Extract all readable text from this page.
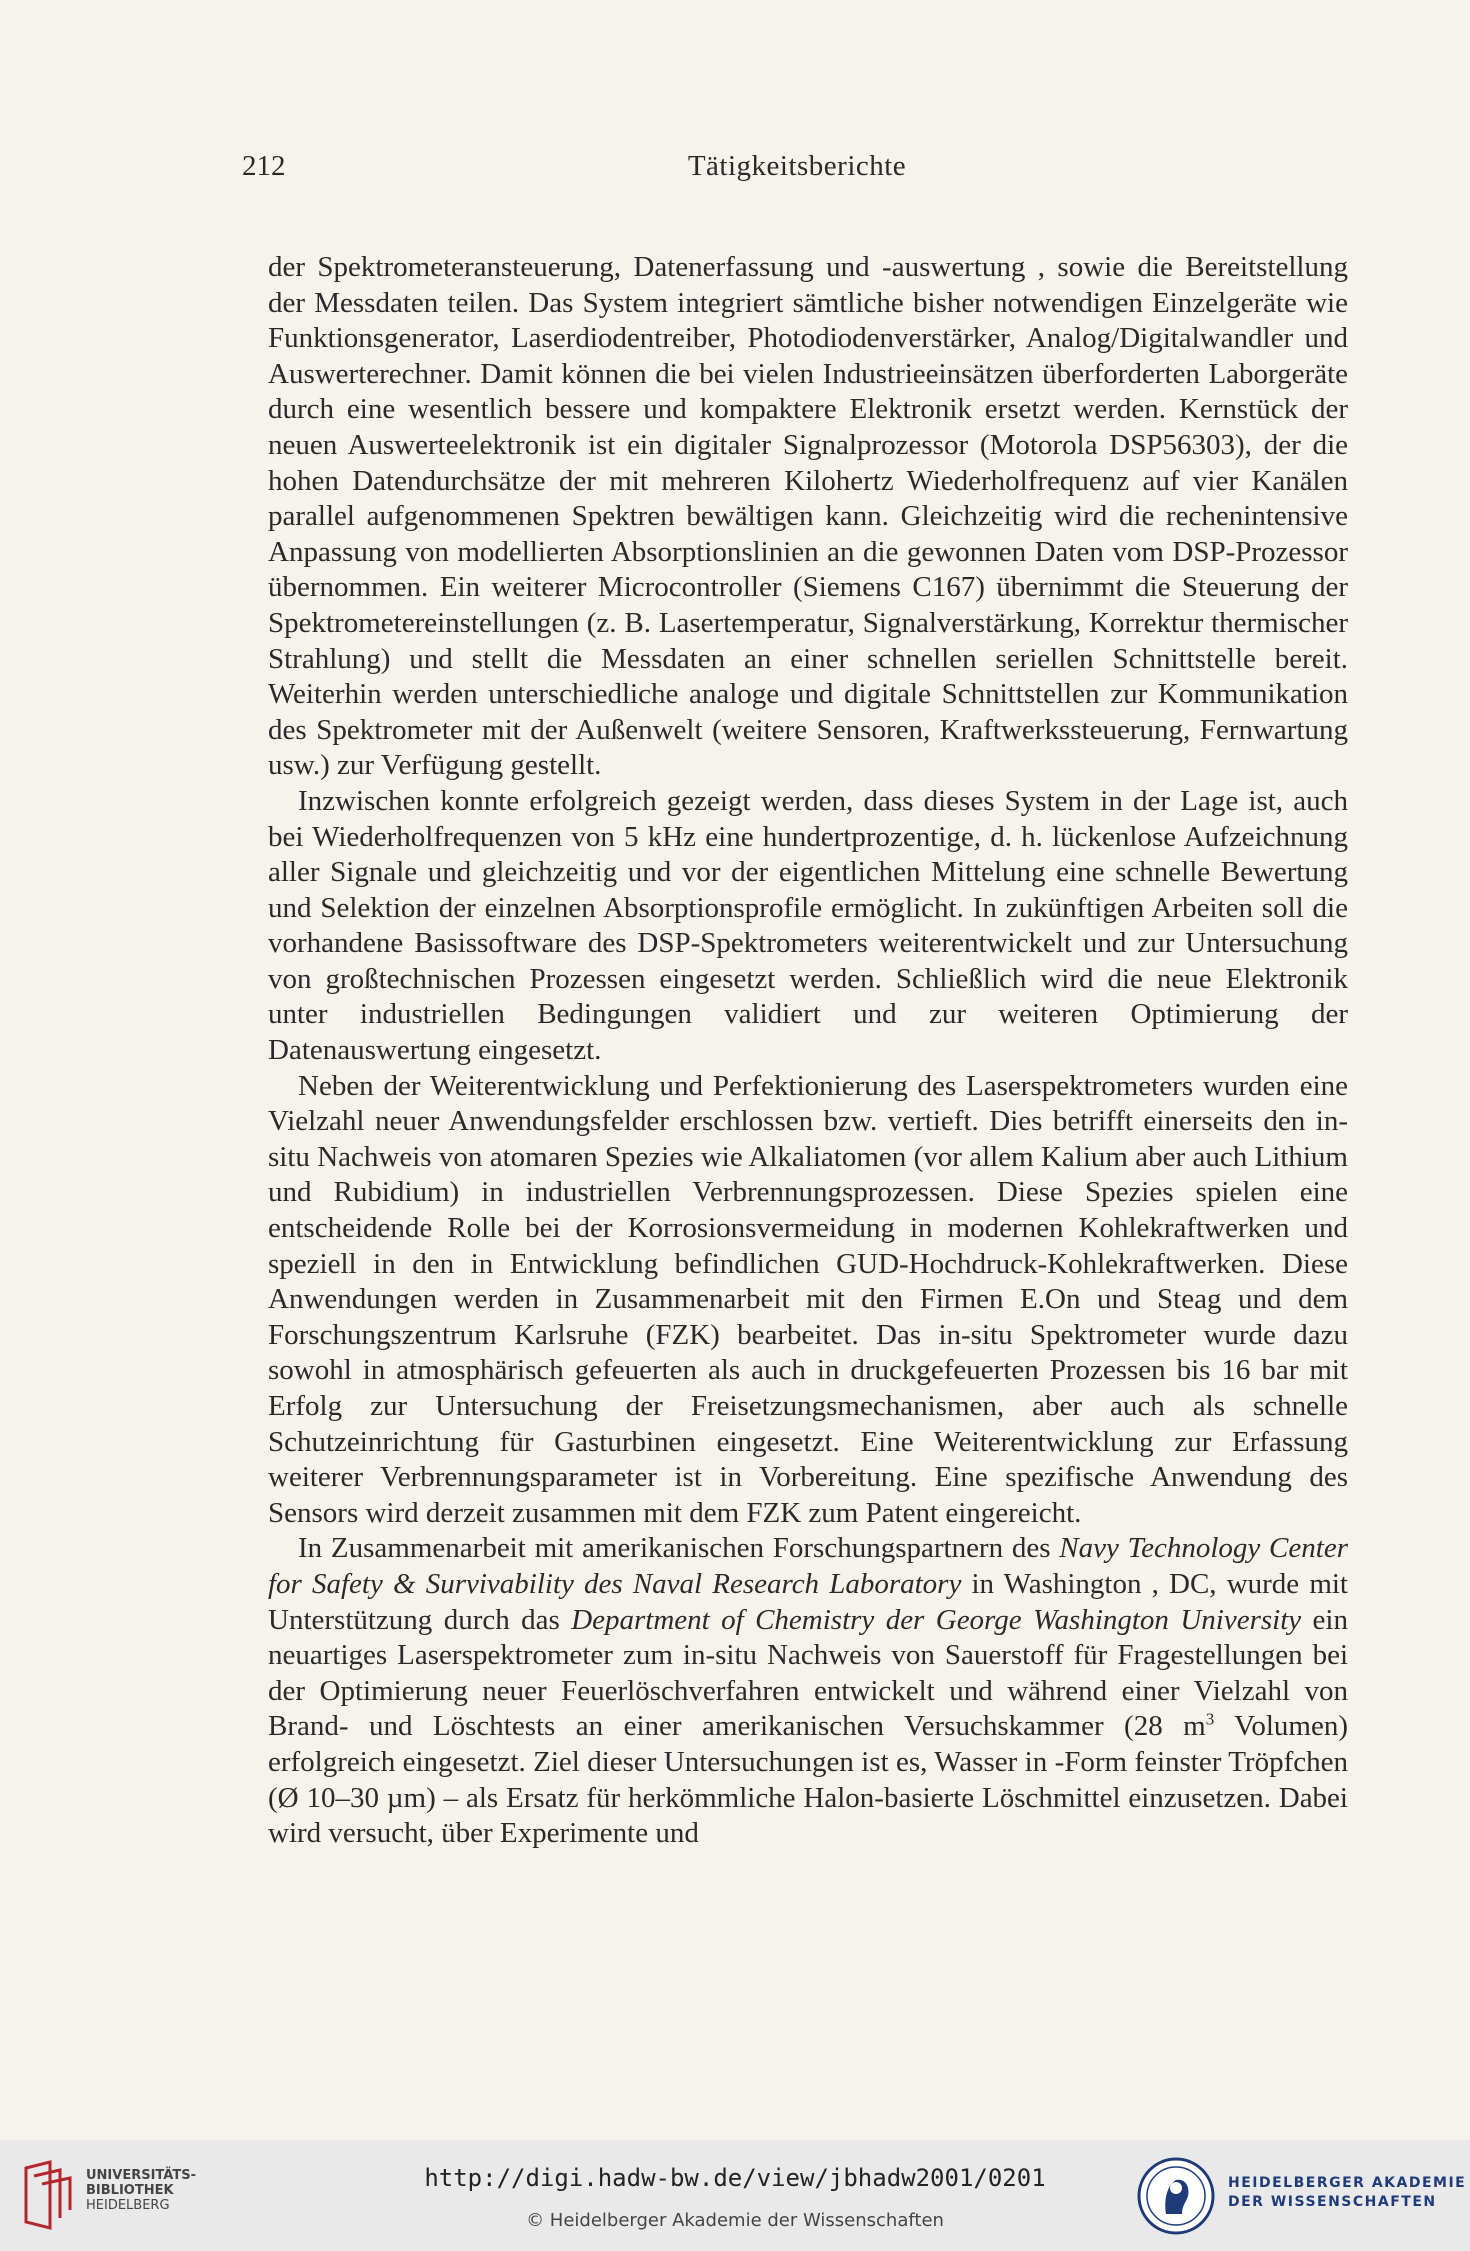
212	Tätigkeitsberichte

der Spektrometeransteuerung, Datenerfassung und -auswertung , sowie die Bereitstellung der Messdaten teilen. Das System integriert sämtliche bisher notwendigen Einzelgeräte wie Funktionsgenerator, Laserdiodentreiber, Photodiodenverstärker, Analog/Digitalwandler und Auswerterechner. Damit können die bei vielen Industrieeinsätzen überforderten Laborgeräte durch eine wesentlich bessere und kompaktere Elektronik ersetzt werden. Kernstück der neuen Auswerteelektronik ist ein digitaler Signalprozessor (Motorola DSP56303), der die hohen Datendurchsätze der mit mehreren Kilohertz Wiederholfrequenz auf vier Kanälen parallel aufgenommenen Spektren bewältigen kann. Gleichzeitig wird die rechenintensive Anpassung von modellierten Absorptionslinien an die gewonnen Daten vom DSP-Prozessor übernommen. Ein weiterer Microcontroller (Siemens C167) übernimmt die Steuerung der Spektrometereinstellungen (z. B. Lasertemperatur, Signalverstärkung, Korrektur thermischer Strahlung) und stellt die Messdaten an einer schnellen seriellen Schnittstelle bereit. Weiterhin werden unterschiedliche analoge und digitale Schnittstellen zur Kommunikation des Spektrometer mit der Außenwelt (weitere Sensoren, Kraftwerkssteuerung, Fernwartung usw.) zur Verfügung gestellt.

Inzwischen konnte erfolgreich gezeigt werden, dass dieses System in der Lage ist, auch bei Wiederholfrequenzen von 5 kHz eine hundertprozentige, d. h. lückenlose Aufzeichnung aller Signale und gleichzeitig und vor der eigentlichen Mittelung eine schnelle Bewertung und Selektion der einzelnen Absorptionsprofile ermöglicht. In zukünftigen Arbeiten soll die vorhandene Basissoftware des DSP-Spektrometers weiterentwickelt und zur Untersuchung von großtechnischen Prozessen eingesetzt werden. Schließlich wird die neue Elektronik unter industriellen Bedingungen validiert und zur weiteren Optimierung der Datenauswertung eingesetzt.

Neben der Weiterentwicklung und Perfektionierung des Laserspektrometers wurden eine Vielzahl neuer Anwendungsfelder erschlossen bzw. vertieft. Dies betrifft einerseits den in-situ Nachweis von atomaren Spezies wie Alkaliatomen (vor allem Kalium aber auch Lithium und Rubidium) in industriellen Verbrennungsprozessen. Diese Spezies spielen eine entscheidende Rolle bei der Korrosionsvermeidung in modernen Kohlekraftwerken und speziell in den in Entwicklung befindlichen GUD-Hochdruck-Kohlekraftwerken. Diese Anwendungen werden in Zusammenarbeit mit den Firmen E.On und Steag und dem Forschungszentrum Karlsruhe (FZK) bearbeitet. Das in-situ Spektrometer wurde dazu sowohl in atmosphärisch gefeuerten als auch in druckgefeuerten Prozessen bis 16 bar mit Erfolg zur Untersuchung der Freisetzungsmechanismen, aber auch als schnelle Schutzeinrichtung für Gasturbinen eingesetzt. Eine Weiterentwicklung zur Erfassung weiterer Verbrennungsparameter ist in Vorbereitung. Eine spezifische Anwendung des Sensors wird derzeit zusammen mit dem FZK zum Patent eingereicht.

In Zusammenarbeit mit amerikanischen Forschungspartnern des Navy Technology Center for Safety & Survivability des Naval Research Laboratory in Washington , DC, wurde mit Unterstützung durch das Department of Chemistry der George Washington University ein neuartiges Laserspektrometer zum in-situ Nachweis von Sauerstoff für Fragestellungen bei der Optimierung neuer Feuerlöschverfahren entwickelt und während einer Vielzahl von Brand- und Löschtests an einer amerikanischen Versuchskammer (28 $m^3$ Volumen) erfolgreich eingesetzt. Ziel dieser Untersuchungen ist es, Wasser in -Form feinster Tröpfchen (Ø 10–30 µm) – als Ersatz für herkömmliche Halon-basierte Löschmittel einzusetzen. Dabei wird versucht, über Experimente und

UNIVERSITÄTS-
BIBLIOTHEK
HEIDELBERG
http://digi.hadw-bw.de/view/jbhadw2001/0201
© Heidelberger Akademie der Wissenschaften
HEIDELBERGER AKADEMIE
DER WISSENSCHAFTEN
